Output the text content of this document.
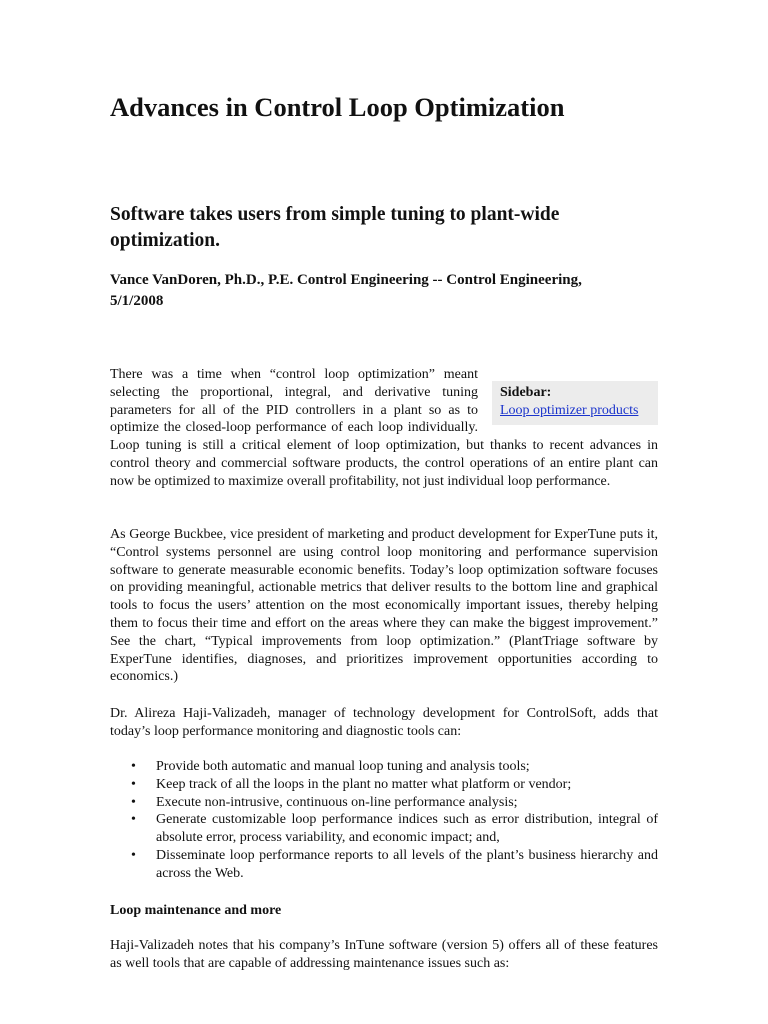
Advances in Control Loop Optimization
Software takes users from simple tuning to plant-wide optimization.

Vance VanDoren, Ph.D., P.E. Control Engineering -- Control Engineering, 5/1/2008

Sidebar:
Loop optimizer products
There was a time when “control loop optimization” meant selecting the proportional, integral, and derivative tuning parameters for all of the PID controllers in a plant so as to optimize the closed-loop performance of each loop individually. Loop tuning is still a critical element of loop optimization, but thanks to recent advances in control theory and commercial software products, the control operations of an entire plant can now be optimized to maximize overall profitability, not just individual loop performance.

As George Buckbee, vice president of marketing and product development for ExperTune puts it, “Control systems personnel are using control loop monitoring and performance supervision software to generate measurable economic benefits. Today’s loop optimization software focuses on providing meaningful, actionable metrics that deliver results to the bottom line and graphical tools to focus the users’ attention on the most economically important issues, thereby helping them to focus their time and effort on the areas where they can make the biggest improvement.” See the chart, “Typical improvements from loop optimization.” (PlantTriage software by ExperTune identifies, diagnoses, and prioritizes improvement opportunities according to economics.)

Dr. Alireza Haji-Valizadeh, manager of technology development for ControlSoft, adds that today’s loop performance monitoring and diagnostic tools can:

• Provide both automatic and manual loop tuning and analysis tools;
• Keep track of all the loops in the plant no matter what platform or vendor;
• Execute non-intrusive, continuous on-line performance analysis;
• Generate customizable loop performance indices such as error distribution, integral of absolute error, process variability, and economic impact; and,
• Disseminate loop performance reports to all levels of the plant’s business hierarchy and across the Web.

Loop maintenance and more

Haji-Valizadeh notes that his company’s InTune software (version 5) offers all of these features as well tools that are capable of addressing maintenance issues such as:
